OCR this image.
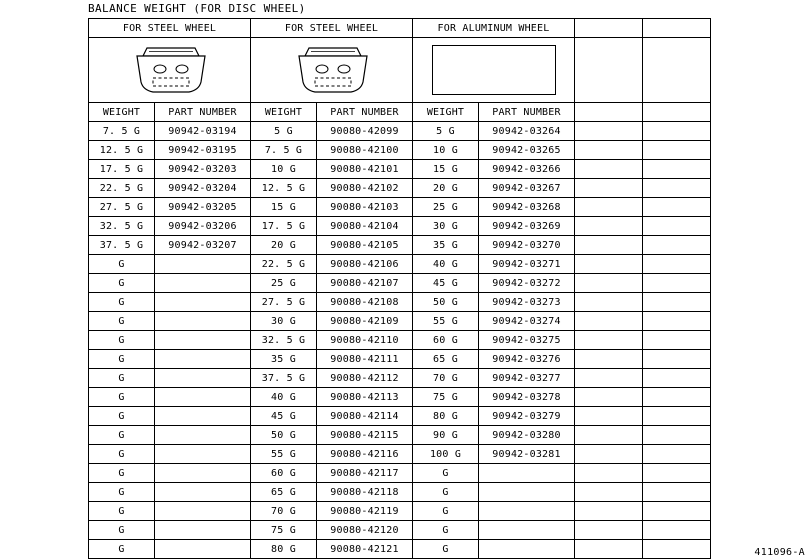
BALANCE WEIGHT (FOR DISC WHEEL)
FOR STEEL WHEEL		FOR STEEL WHEEL		FOR ALUMINUM WHEEL			

WEIGHT	PART NUMBER	WEIGHT	PART NUMBER	WEIGHT	PART NUMBER		
7. 5 G	90942-03194	5 G	90080-42099	5 G	90942-03264		
12. 5 G	90942-03195	7. 5 G	90080-42100	10 G	90942-03265		
17. 5 G	90942-03203	10 G	90080-42101	15 G	90942-03266		
22. 5 G	90942-03204	12. 5 G	90080-42102	20 G	90942-03267		
27. 5 G	90942-03205	15 G	90080-42103	25 G	90942-03268		
32. 5 G	90942-03206	17. 5 G	90080-42104	30 G	90942-03269		
37. 5 G	90942-03207	20 G	90080-42105	35 G	90942-03270		
G		22. 5 G	90080-42106	40 G	90942-03271		
G		25 G	90080-42107	45 G	90942-03272		
G		27. 5 G	90080-42108	50 G	90942-03273		
G		30 G	90080-42109	55 G	90942-03274		
G		32. 5 G	90080-42110	60 G	90942-03275		
G		35 G	90080-42111	65 G	90942-03276		
G		37. 5 G	90080-42112	70 G	90942-03277		
G		40 G	90080-42113	75 G	90942-03278		
G		45 G	90080-42114	80 G	90942-03279		
G		50 G	90080-42115	90 G	90942-03280		
G		55 G	90080-42116	100 G	90942-03281		
G		60 G	90080-42117	G			
G		65 G	90080-42118	G			
G		70 G	90080-42119	G			
G		75 G	90080-42120	G			
G		80 G	90080-42121	G				411096-A
